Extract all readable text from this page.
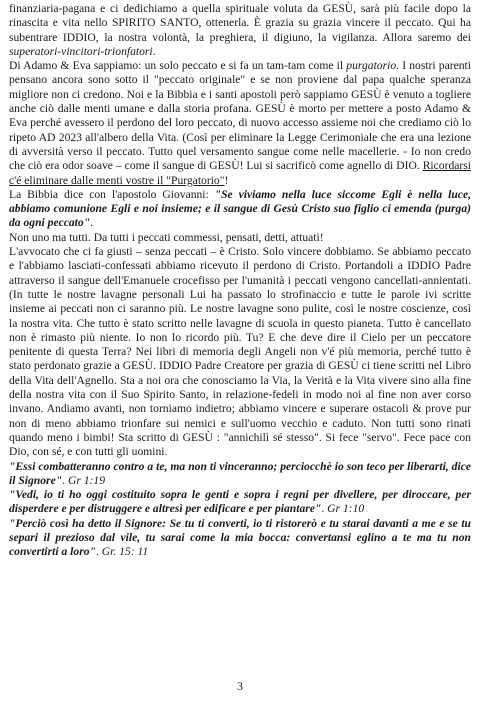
finanziaria-pagana e ci dedichiamo a quella spirituale voluta da GESÙ, sarà più facile dopo la rinascita e vita nello SPIRITO SANTO, ottenerla. È grazia su grazia vincere il peccato. Qui ha subentrare IDDIO, la nostra volontà, la preghiera, il digiuno, la vigilanza. Allora saremo dei superatori-vincitori-trionfatori.

Di Adamo & Eva sappiamo: un solo peccato e si fa un tam-tam come il purgatorio. I nostri parenti pensano ancora sono sotto il "peccato originale" e se non proviene dal papa qualche speranza migliore non ci credono. Noi e la Bibbia e i santi apostoli però sappiamo GESÙ è venuto a togliere anche ciò dalle menti umane e dalla storia profana. GESÙ è morto per mettere a posto Adamo & Eva perché avessero il perdono del loro peccato, di nuovo accesso assieme noi che crediamo ciò lo ripeto AD 2023 all'albero della Vita. (Così per eliminare la Legge Cerimoniale che era una lezione di avversità verso il peccato. Tutto quel versamento sangue come nelle macellerie. - Io non credo che ciò era odor soave – come il sangue di GESÙ! Lui si sacrificò come agnello di DIO. Ricordarsi c'é eliminare dalle menti vostre il "Purgatorio"!

La Bibbia dice con l'apostolo Giovanni: "Se viviamo nella luce siccome Egli è nella luce, abbiamo comunione Egli e noi insieme; e il sangue di Gesù Cristo suo figlio ci emenda (purga) da ogni peccato".

Non uno ma tutti. Da tutti i peccati commessi, pensati, detti, attuati!

L'avvocato che ci fa giusti – senza peccati – è Cristo. Solo vincere dobbiamo. Se abbiamo peccato e l'abbiamo lasciati-confessati abbiamo ricevuto il perdono di Cristo. Portandoli a IDDIO Padre attraverso il sangue dell'Emanuele crocefisso per l'umanità i peccati vengono cancellati-annientati. (In tutte le nostre lavagne personali Lui ha passato lo strofinaccio e tutte le parole ivi scritte insieme ai peccati non ci saranno più. Le nostre lavagne sono pulite, così le nostre coscienze, così la nostra vita. Che tutto è stato scritto nelle lavagne di scuola in questo pianeta. Tutto è cancellato non è rimasto più niente. Io non lo ricordo più. Tu? E che deve dire il Cielo per un peccatore penitente di questa Terra? Nei libri di memoria degli Angeli non v'é più memoria, perché tutto è stato perdonato grazie a GESÙ. IDDIO Padre Creatore per grazia di GESÙ ci tiene scritti nel Libro della Vita dell'Agnello. Sta a noi ora che conosciamo la Via, la Verità e la Vita vivere sino alla fine della nostra vita con il Suo Spirito Santo, in relazione-fedeli in modo noi al fine non aver corso invano. Andiamo avanti, non torniamo indietro; abbiamo vincere e superare ostacoli & prove pur non di meno abbiamo trionfare sui nemici e sull'uomo vecchio e caduto. Non tutti sono rinati quando meno i bimbi! Sta scritto di GESÙ : "annichilì sé stesso". Si fece "servo". Fece pace con Dio, con sé, e con tutti gli uomini.

"Essi combatteranno contro a te, ma non ti vinceranno; perciocchè io son teco per liberarti, dice il Signore". Gr 1:19

"Vedi, io ti ho oggi costituito sopra le genti e sopra i regni per divellere, per diroccare, per disperdere e per distruggere e altresì per edificare e per piantare". Gr 1:10

"Perciò così ha detto il Signore: Se tu ti converti, io ti ristorerò e tu starai davanti a me e se tu separi il prezioso dal vile, tu sarai come la mia bocca: convertansi eglino a te ma tu non convertirti a loro". Gr. 15: 11

3
